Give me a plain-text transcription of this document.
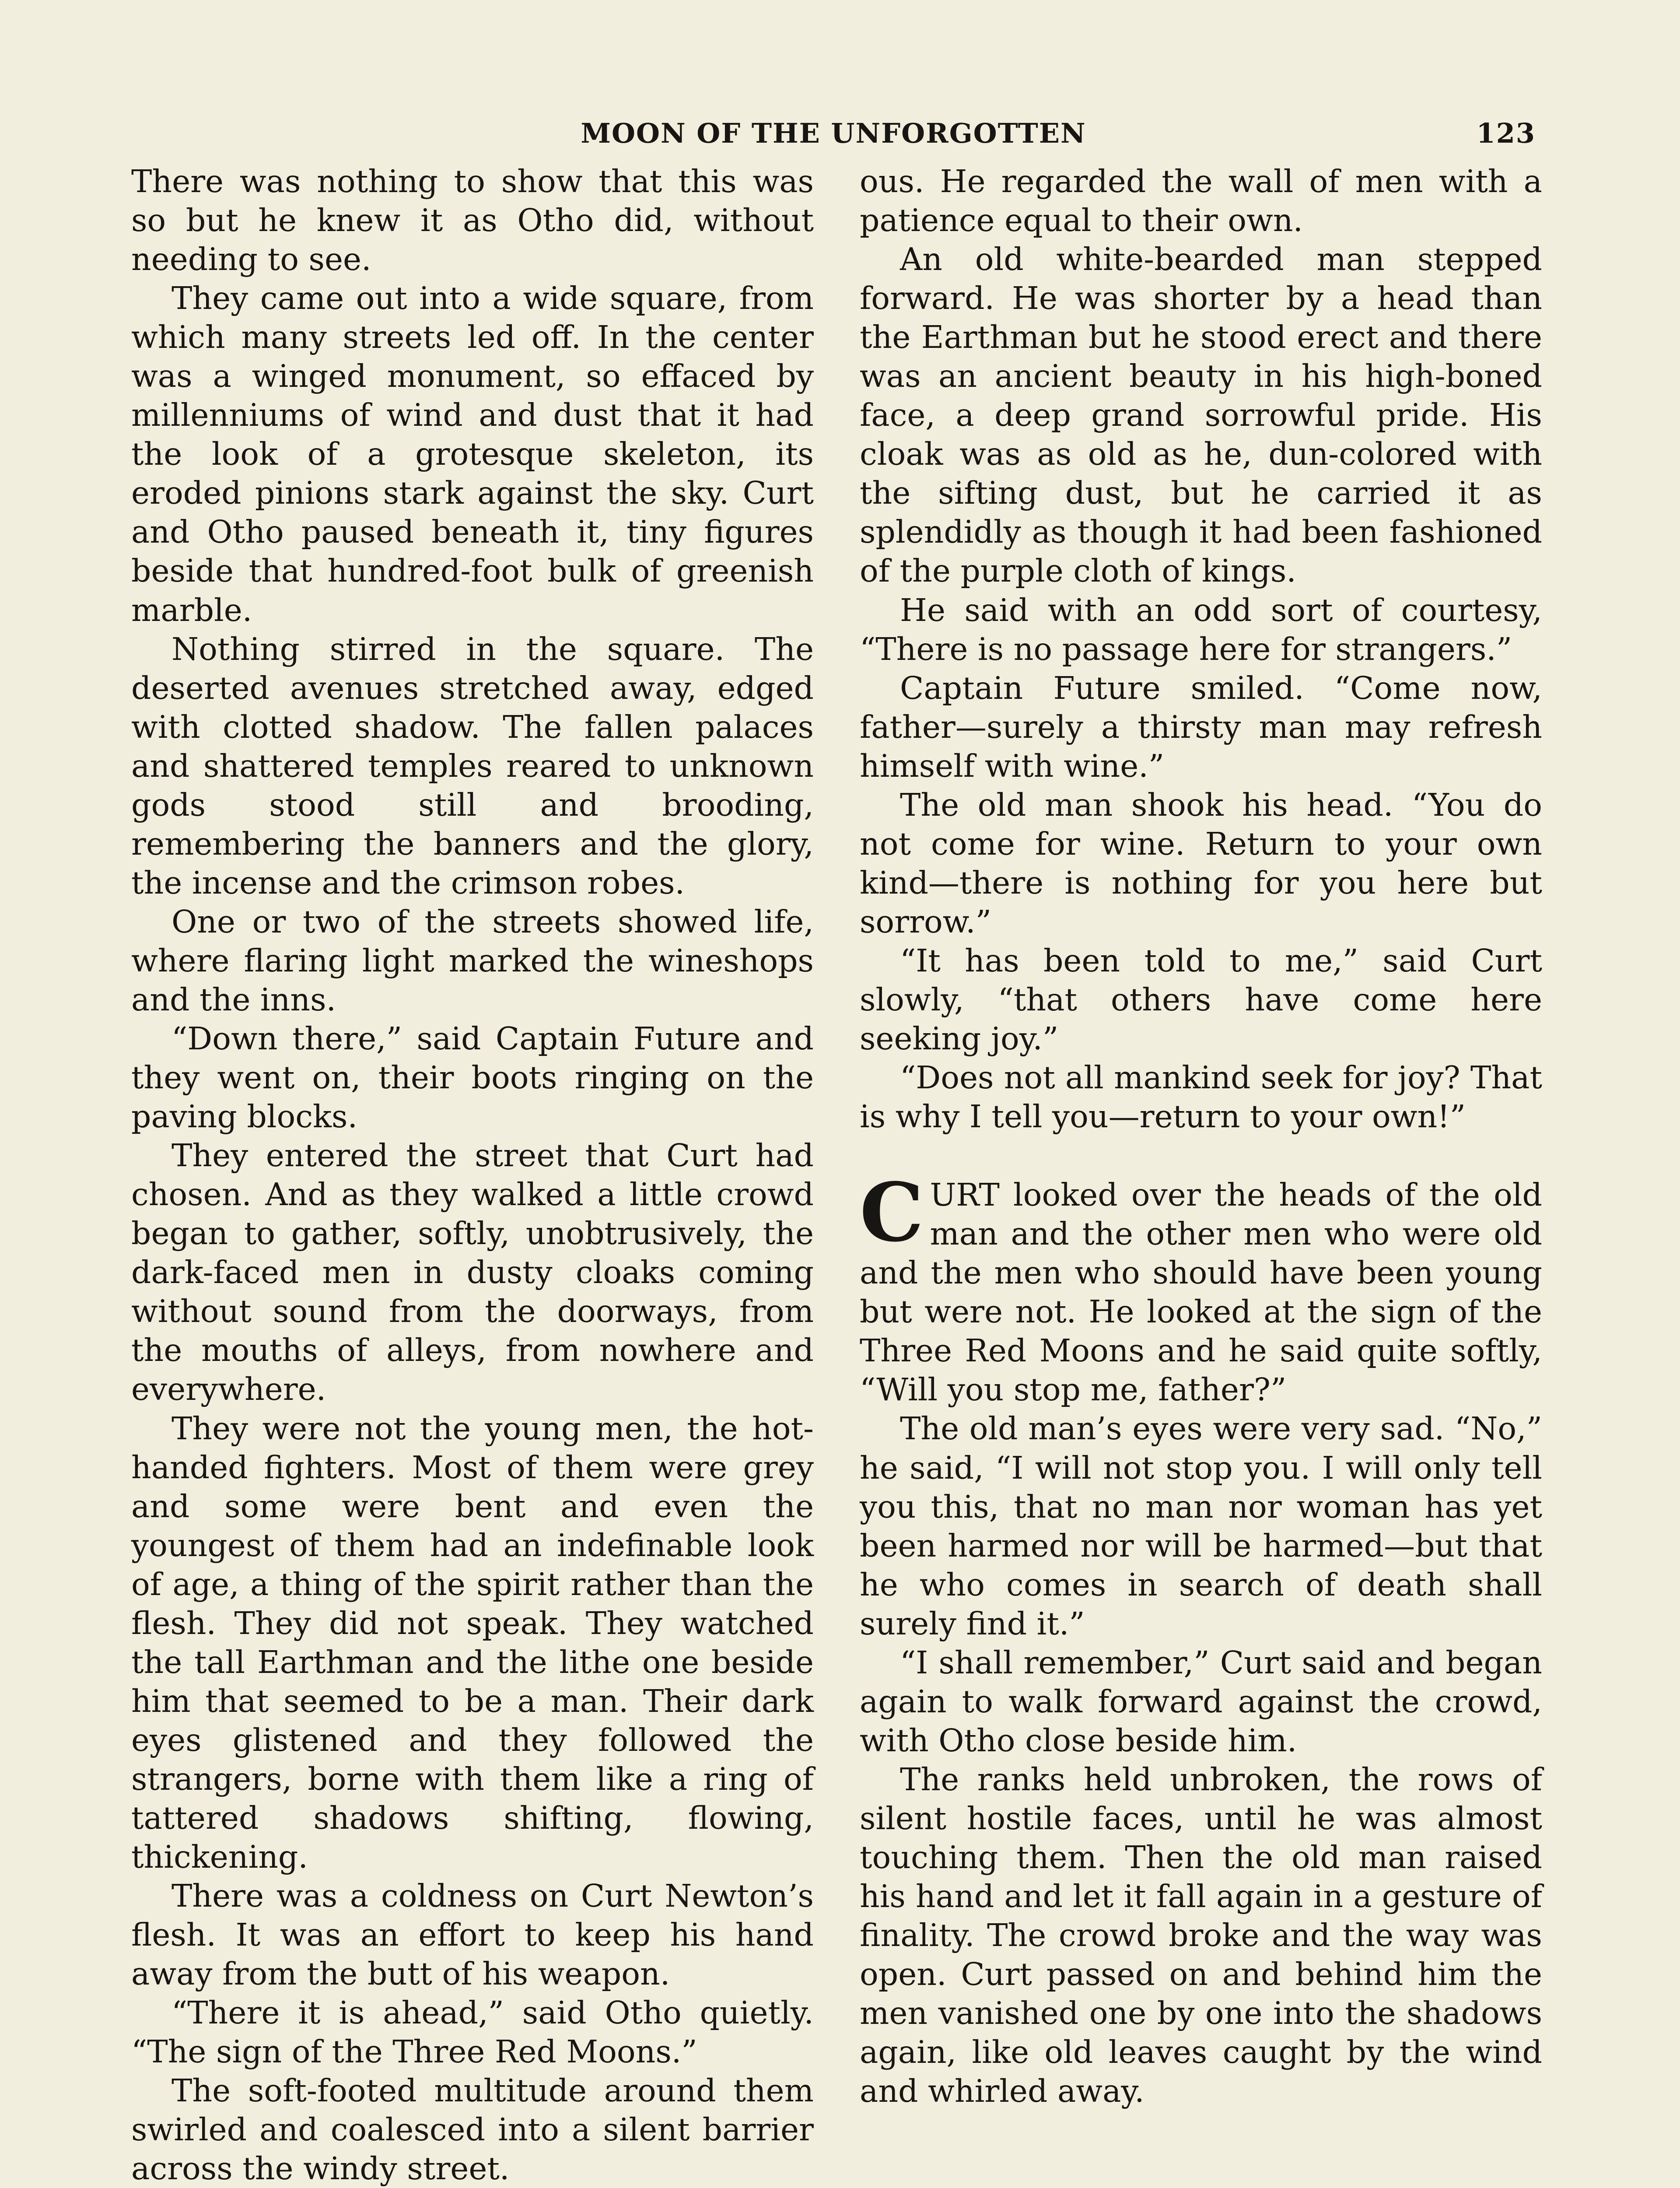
MOON OF THE UNFORGOTTEN	123

There was nothing to show that this was so but he knew it as Otho did, without needing to see.

They came out into a wide square, from which many streets led off. In the center was a winged monument, so effaced by millenniums of wind and dust that it had the look of a grotesque skeleton, its eroded pinions stark against the sky. Curt and Otho paused beneath it, tiny figures beside that hundred-foot bulk of greenish marble.

Nothing stirred in the square. The deserted avenues stretched away, edged with clotted shadow. The fallen palaces and shattered temples reared to unknown gods stood still and brooding, remembering the banners and the glory, the incense and the crimson robes.

One or two of the streets showed life, where flaring light marked the wineshops and the inns.

“Down there,” said Captain Future and they went on, their boots ringing on the paving blocks.

They entered the street that Curt had chosen. And as they walked a little crowd began to gather, softly, unobtrusively, the dark-faced men in dusty cloaks coming without sound from the doorways, from the mouths of alleys, from nowhere and everywhere.

They were not the young men, the hot-handed fighters. Most of them were grey and some were bent and even the youngest of them had an indefinable look of age, a thing of the spirit rather than the flesh. They did not speak. They watched the tall Earthman and the lithe one beside him that seemed to be a man. Their dark eyes glistened and they followed the strangers, borne with them like a ring of tattered shadows shifting, flowing, thickening.

There was a coldness on Curt Newton’s flesh. It was an effort to keep his hand away from the butt of his weapon.

“There it is ahead,” said Otho quietly. “The sign of the Three Red Moons.”

The soft-footed multitude around them swirled and coalesced into a silent barrier across the windy street.

ous. He regarded the wall of men with a patience equal to their own.

An old white-bearded man stepped forward. He was shorter by a head than the Earthman but he stood erect and there was an ancient beauty in his high-boned face, a deep grand sorrowful pride. His cloak was as old as he, dun-colored with the sifting dust, but he carried it as splendidly as though it had been fashioned of the purple cloth of kings.

He said with an odd sort of courtesy, “There is no passage here for strangers.”

Captain Future smiled. “Come now, father—surely a thirsty man may refresh himself with wine.”

The old man shook his head. “You do not come for wine. Return to your own kind—there is nothing for you here but sorrow.”

“It has been told to me,” said Curt slowly, “that others have come here seeking joy.”

“Does not all mankind seek for joy? That is why I tell you—return to your own!”

CURT looked over the heads of the old man and the other men who were old and the men who should have been young but were not. He looked at the sign of the Three Red Moons and he said quite softly, “Will you stop me, father?”

The old man’s eyes were very sad. “No,” he said, “I will not stop you. I will only tell you this, that no man nor woman has yet been harmed nor will be harmed—but that he who comes in search of death shall surely find it.”

“I shall remember,” Curt said and began again to walk forward against the crowd, with Otho close beside him.

The ranks held unbroken, the rows of silent hostile faces, until he was almost touching them. Then the old man raised his hand and let it fall again in a gesture of finality. The crowd broke and the way was open. Curt passed on and behind him the men vanished one by one into the shadows again, like old leaves caught by the wind and whirled away.
